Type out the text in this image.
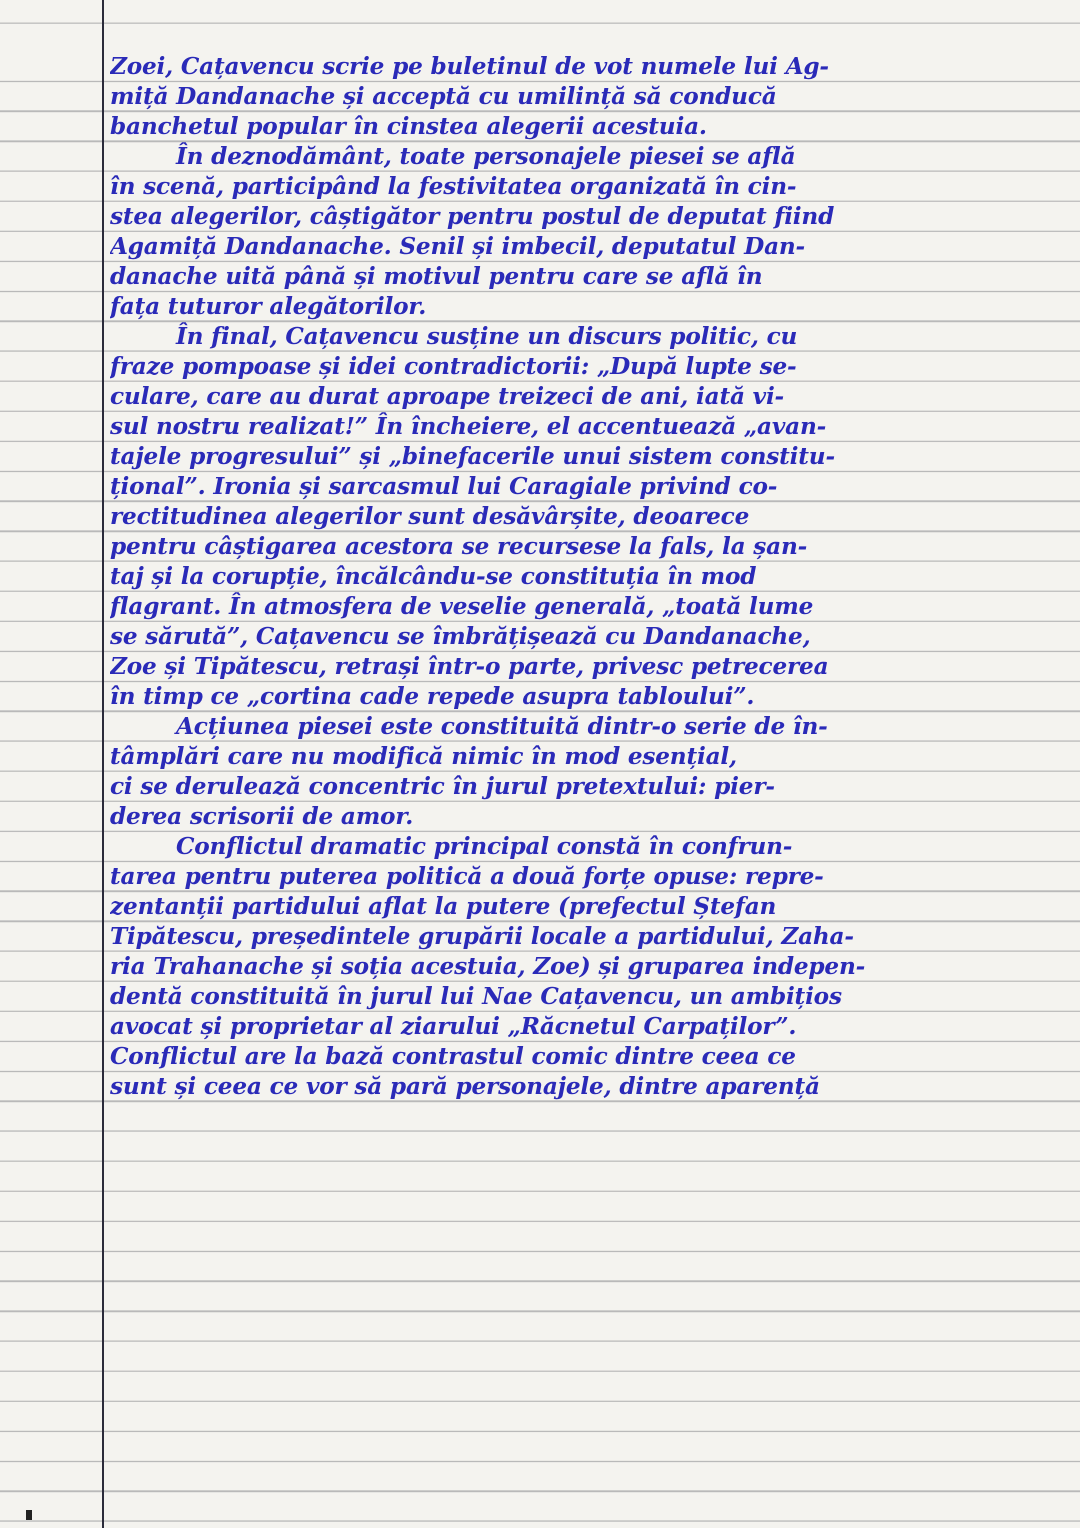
Zoei, Cațavencu scrie pe buletinul de vot numele lui Ag-
miță Dandanache și acceptă cu umilință să conducă
banchetul popular în cinstea alegerii acestuia.
În deznodământ, toate personajele piesei se află
în scenă, participând la festivitatea organizată în cin-
stea alegerilor, câștigător pentru postul de deputat fiind
Agamiță Dandanache. Senil și imbecil, deputatul Dan-
danache uită până și motivul pentru care se află în
fața tuturor alegătorilor.
În final, Cațavencu susține un discurs politic, cu
fraze pompoase și idei contradictorii: „După lupte se-
culare, care au durat aproape treizeci de ani, iată vi-
sul nostru realizat!” În încheiere, el accentuează „avan-
tajele progresului” și „binefacerile unui sistem constitu-
țional”. Ironia și sarcasmul lui Caragiale privind co-
rectitudinea alegerilor sunt desăvârșite, deoarece
pentru câștigarea acestora se recursese la fals, la șan-
taj și la corupție, încălcându-se constituția în mod
flagrant. În atmosfera de veselie generală, „toată lume
se sărută”, Cațavencu se îmbrățișează cu Dandanache,
Zoe și Tipătescu, retrași într-o parte, privesc petrecerea
în timp ce „cortina cade repede asupra tabloului”.
Acțiunea piesei este constituită dintr-o serie de în-
tâmplări care nu modifică nimic în mod esențial,
ci se derulează concentric în jurul pretextului: pier-
derea scrisorii de amor.
Conflictul dramatic principal constă în confrun-
tarea pentru puterea politică a două forțe opuse: repre-
zentanții partidului aflat la putere (prefectul Ștefan
Tipătescu, președintele grupării locale a partidului, Zaha-
ria Trahanache și soția acestuia, Zoe) și gruparea indepen-
dentă constituită în jurul lui Nae Cațavencu, un ambițios
avocat și proprietar al ziarului „Răcnetul Carpaților”.
Conflictul are la bază contrastul comic dintre ceea ce
sunt și ceea ce vor să pară personajele, dintre aparență
